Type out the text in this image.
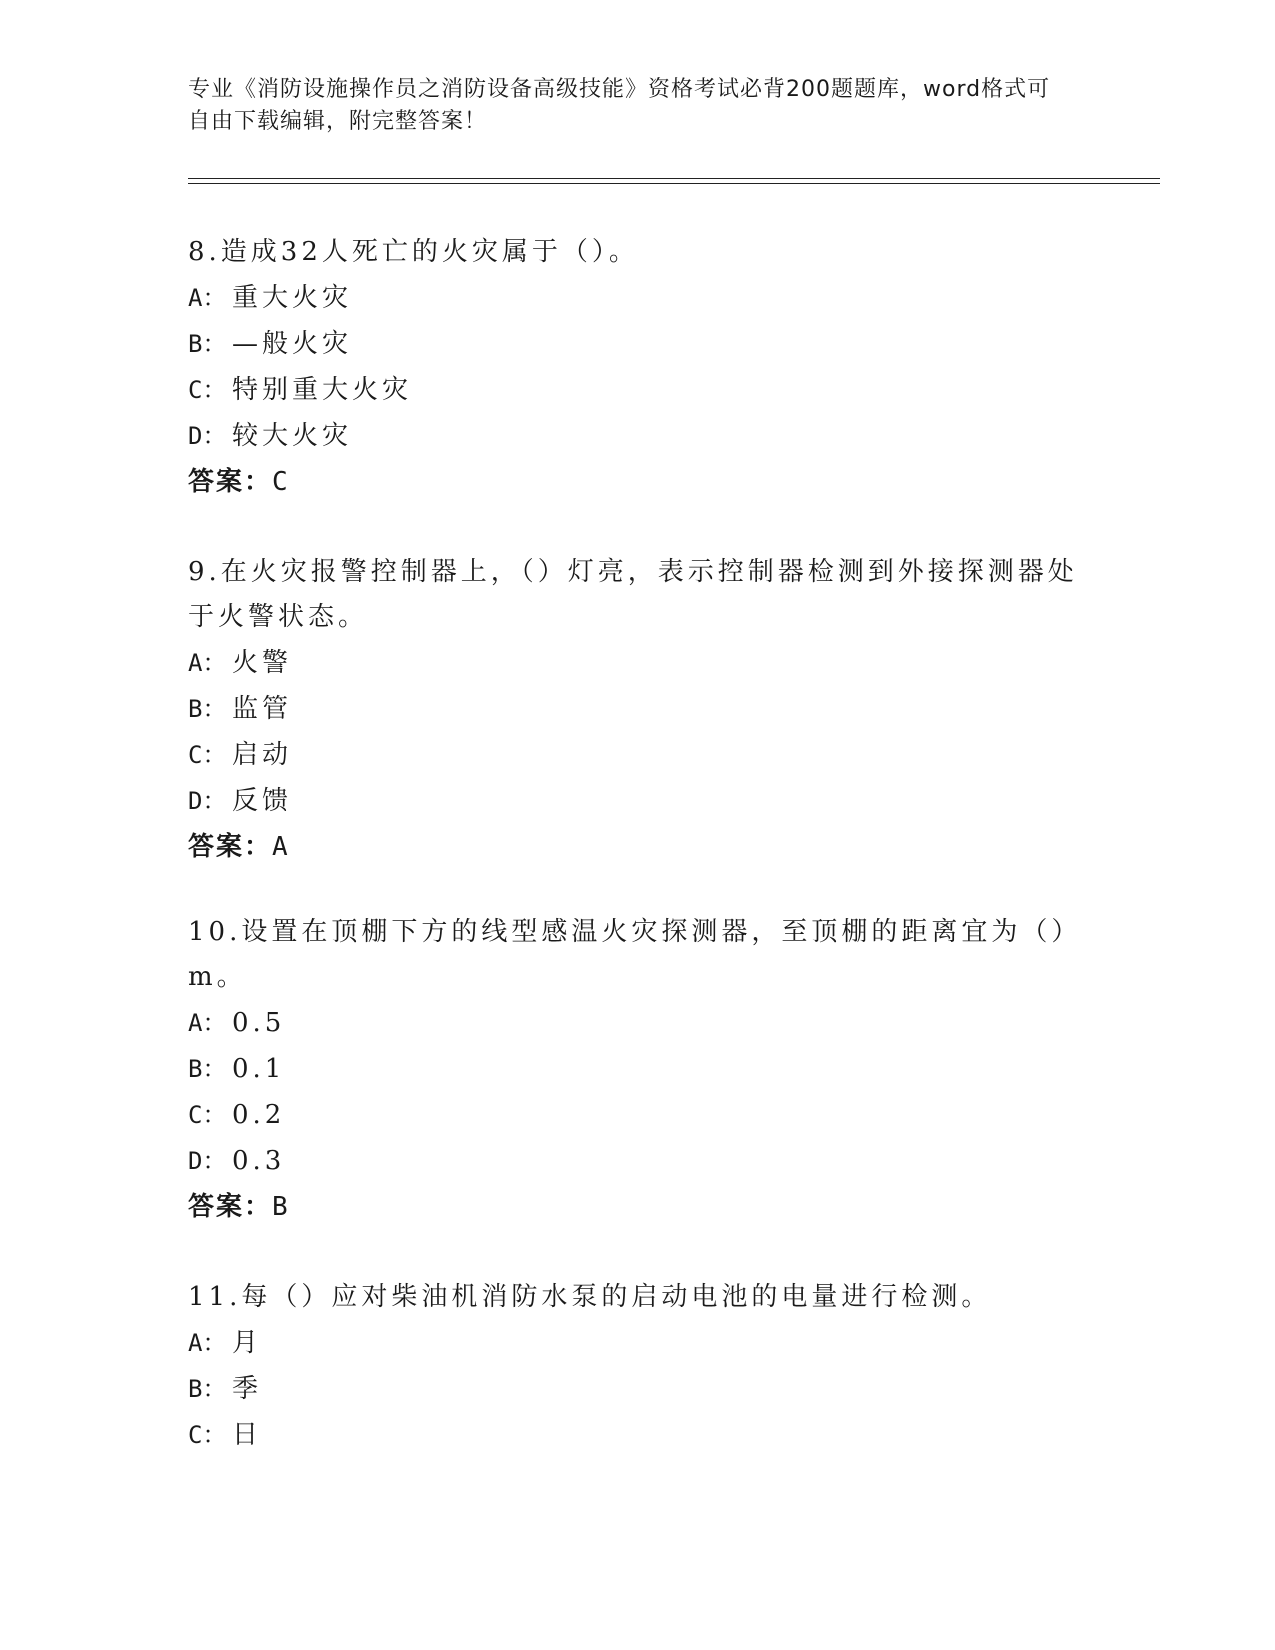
专业《消防设施操作员之消防设备高级技能》资格考试必背200题题库，word格式可自由下载编辑，附完整答案！

8.造成32人死亡的火灾属于（）。

A： 重大火灾

B： —般火灾

C： 特别重大火灾

D： 较大火灾

答案：C

9.在火灾报警控制器上，（）灯亮，表示控制器检测到外接探测器处于火警状态。

A： 火警

B： 监管

C： 启动

D： 反馈

答案：A

10.设置在顶棚下方的线型感温火灾探测器，至顶棚的距离宜为（）m。

A： 0.5

B： 0.1

C： 0.2

D： 0.3

答案：B

11.每（）应对柴油机消防水泵的启动电池的电量进行检测。

A： 月

B： 季

C： 日
